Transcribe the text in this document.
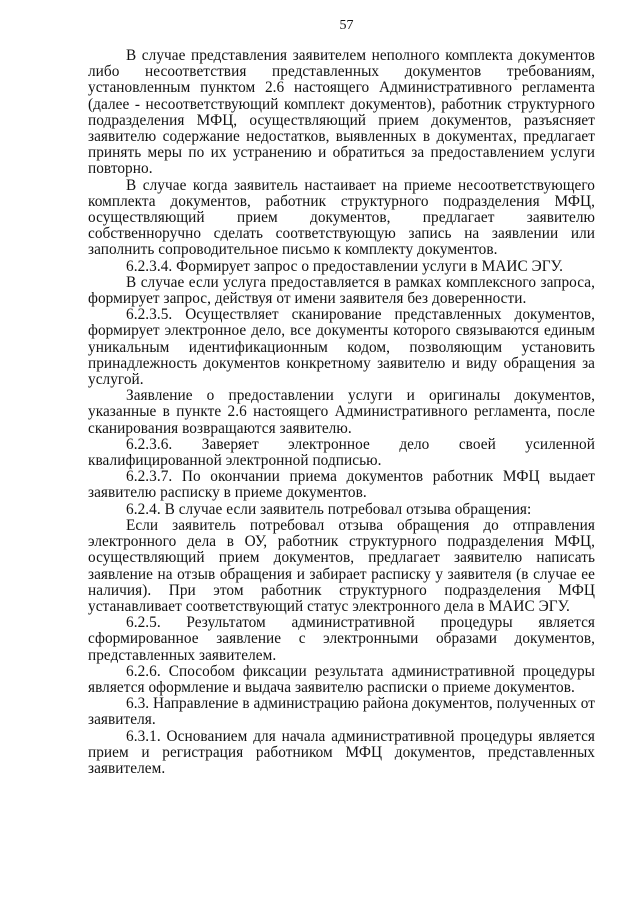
57

В случае представления заявителем неполного комплекта документов либо несоответствия представленных документов требованиям, установленным пунктом 2.6 настоящего Административного регламента (далее - несоответствующий комплект документов), работник структурного подразделения МФЦ, осуществляющий прием документов, разъясняет заявителю содержание недостатков, выявленных в документах, предлагает принять меры по их устранению и обратиться за предоставлением услуги повторно.

В случае когда заявитель настаивает на приеме несоответствующего комплекта документов, работник структурного подразделения МФЦ, осуществляющий прием документов, предлагает заявителю собственноручно сделать соответствующую запись на заявлении или заполнить сопроводительное письмо к комплекту документов.

6.2.3.4. Формирует запрос о предоставлении услуги в МАИС ЭГУ.

В случае если услуга предоставляется в рамках комплексного запроса, формирует запрос, действуя от имени заявителя без доверенности.

6.2.3.5. Осуществляет сканирование представленных документов, формирует электронное дело, все документы которого связываются единым уникальным идентификационным кодом, позволяющим установить принадлежность документов конкретному заявителю и виду обращения за услугой.

Заявление о предоставлении услуги и оригиналы документов, указанные в пункте 2.6 настоящего Административного регламента, после сканирования возвращаются заявителю.

6.2.3.6. Заверяет электронное дело своей усиленной квалифицированной электронной подписью.

6.2.3.7. По окончании приема документов работник МФЦ выдает заявителю расписку в приеме документов.

6.2.4. В случае если заявитель потребовал отзыва обращения:

Если заявитель потребовал отзыва обращения до отправления электронного дела в ОУ, работник структурного подразделения МФЦ, осуществляющий прием документов, предлагает заявителю написать заявление на отзыв обращения и забирает расписку у заявителя (в случае ее наличия). При этом работник структурного подразделения МФЦ устанавливает соответствующий статус электронного дела в МАИС ЭГУ.

6.2.5. Результатом административной процедуры является сформированное заявление с электронными образами документов, представленных заявителем.

6.2.6. Способом фиксации результата административной процедуры является оформление и выдача заявителю расписки о приеме документов.

6.3. Направление в администрацию района документов, полученных от заявителя.

6.3.1. Основанием для начала административной процедуры является прием и регистрация работником МФЦ документов, представленных заявителем.
